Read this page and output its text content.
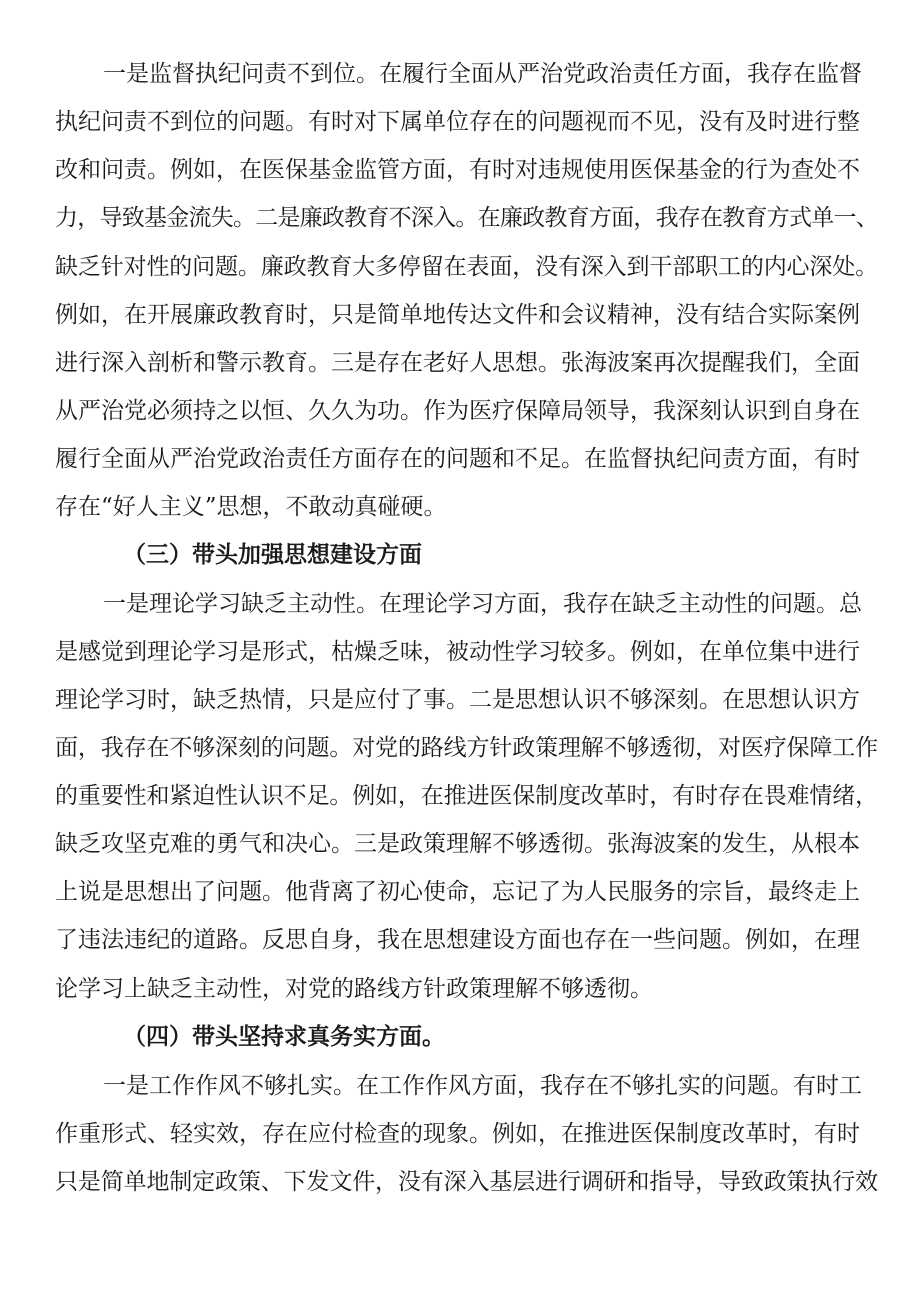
一是监督执纪问责不到位。在履行全面从严治党政治责任方面，我存在监督
执纪问责不到位的问题。有时对下属单位存在的问题视而不见，没有及时进行整
改和问责。例如，在医保基金监管方面，有时对违规使用医保基金的行为查处不
力，导致基金流失。二是廉政教育不深入。在廉政教育方面，我存在教育方式单一、
缺乏针对性的问题。廉政教育大多停留在表面，没有深入到干部职工的内心深处。
例如，在开展廉政教育时，只是简单地传达文件和会议精神，没有结合实际案例
进行深入剖析和警示教育。三是存在老好人思想。张海波案再次提醒我们，全面
从严治党必须持之以恒、久久为功。作为医疗保障局领导，我深刻认识到自身在
履行全面从严治党政治责任方面存在的问题和不足。在监督执纪问责方面，有时
存在“好人主义”思想，不敢动真碰硬。
（三）带头加强思想建设方面
一是理论学习缺乏主动性。在理论学习方面，我存在缺乏主动性的问题。总
是感觉到理论学习是形式，枯燥乏味，被动性学习较多。例如，在单位集中进行
理论学习时，缺乏热情，只是应付了事。二是思想认识不够深刻。在思想认识方
面，我存在不够深刻的问题。对党的路线方针政策理解不够透彻，对医疗保障工作
的重要性和紧迫性认识不足。例如，在推进医保制度改革时，有时存在畏难情绪，
缺乏攻坚克难的勇气和决心。三是政策理解不够透彻。张海波案的发生，从根本
上说是思想出了问题。他背离了初心使命，忘记了为人民服务的宗旨，最终走上
了违法违纪的道路。反思自身，我在思想建设方面也存在一些问题。例如，在理
论学习上缺乏主动性，对党的路线方针政策理解不够透彻。
（四）带头坚持求真务实方面。
一是工作作风不够扎实。在工作作风方面，我存在不够扎实的问题。有时工
作重形式、轻实效，存在应付检查的现象。例如，在推进医保制度改革时，有时
只是简单地制定政策、下发文件，没有深入基层进行调研和指导，导致政策执行效
